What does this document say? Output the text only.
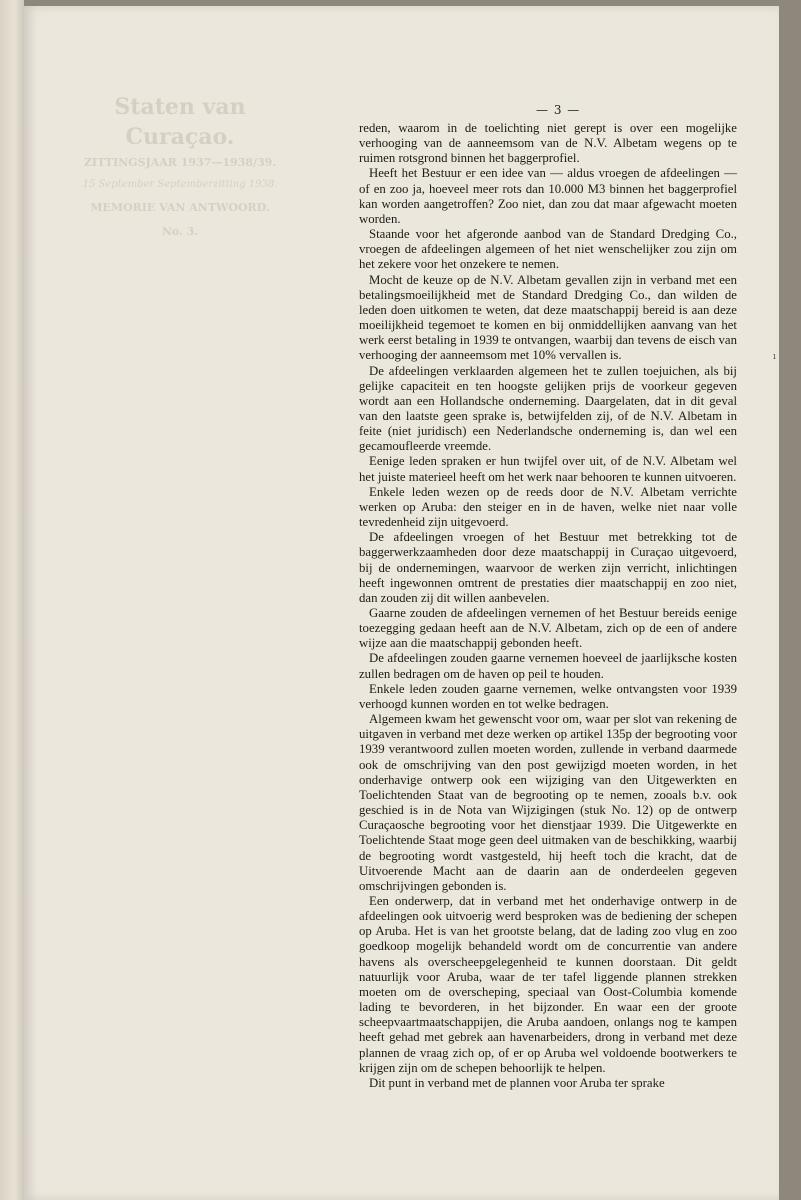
Staten van Curaçao.
ZITTINGSJAAR 1937—1938/39.
15 September Septemberzitting 1938.
MEMORIE VAN ANTWOORD.
No. 3.
— 3 —

reden, waarom in de toelichting niet gerept is over een mogelijke verhooging van de aanneemsom van de N.V. Albetam wegens op te ruimen rotsgrond binnen het baggerprofiel.

Heeft het Bestuur er een idee van — aldus vroegen de afdeelingen — of en zoo ja, hoeveel meer rots dan 10.000 M3 binnen het baggerprofiel kan worden aangetroffen? Zoo niet, dan zou dat maar afgewacht moeten worden.

Staande voor het afgeronde aanbod van de Standard Dredging Co., vroegen de afdeelingen algemeen of het niet wenschelijker zou zijn om het zekere voor het onzekere te nemen.

Mocht de keuze op de N.V. Albetam gevallen zijn in verband met een betalingsmoeilijkheid met de Standard Dredging Co., dan wilden de leden doen uitkomen te weten, dat deze maatschappij bereid is aan deze moeilijkheid tegemoet te komen en bij onmiddellijken aanvang van het werk eerst betaling in 1939 te ontvangen, waarbij dan tevens de eisch van verhooging der aanneemsom met 10% vervallen is.

De afdeelingen verklaarden algemeen het te zullen toejuichen, als bij gelijke capaciteit en ten hoogste gelijken prijs de voorkeur gegeven wordt aan een Hollandsche onderneming. Daargelaten, dat in dit geval van den laatste geen sprake is, betwijfelden zij, of de N.V. Albetam in feite (niet juridisch) een Nederlandsche onderneming is, dan wel een gecamoufleerde vreemde.

Eenige leden spraken er hun twijfel over uit, of de N.V. Albetam wel het juiste materieel heeft om het werk naar behooren te kunnen uitvoeren.

Enkele leden wezen op de reeds door de N.V. Albetam verrichte werken op Aruba: den steiger en in de haven, welke niet naar volle tevredenheid zijn uitgevoerd.

De afdeelingen vroegen of het Bestuur met betrekking tot de baggerwerkzaamheden door deze maatschappij in Curaçao uitgevoerd, bij de ondernemingen, waarvoor de werken zijn verricht, inlichtingen heeft ingewonnen omtrent de prestaties dier maatschappij en zoo niet, dan zouden zij dit willen aanbevelen.

Gaarne zouden de afdeelingen vernemen of het Bestuur bereids eenige toezegging gedaan heeft aan de N.V. Albetam, zich op de een of andere wijze aan die maatschappij gebonden heeft.

De afdeelingen zouden gaarne vernemen hoeveel de jaarlijksche kosten zullen bedragen om de haven op peil te houden.

Enkele leden zouden gaarne vernemen, welke ontvangsten voor 1939 verhoogd kunnen worden en tot welke bedragen.

Algemeen kwam het gewenscht voor om, waar per slot van rekening de uitgaven in verband met deze werken op artikel 135p der begrooting voor 1939 verantwoord zullen moeten worden, zullende in verband daarmede ook de omschrijving van den post gewijzigd moeten worden, in het onderhavige ontwerp ook een wijziging van den Uitgewerkten en Toelichtenden Staat van de begrooting op te nemen, zooals b.v. ook geschied is in de Nota van Wijzigingen (stuk No. 12) op de ontwerp Curaçaosche begrooting voor het dienstjaar 1939. Die Uitgewerkte en Toelichtende Staat moge geen deel uitmaken van de beschikking, waarbij de begrooting wordt vastgesteld, hij heeft toch die kracht, dat de Uitvoerende Macht aan de daarin aan de onderdeelen gegeven omschrijvingen gebonden is.

Een onderwerp, dat in verband met het onderhavige ontwerp in de afdeelingen ook uitvoerig werd besproken was de bediening der schepen op Aruba. Het is van het grootste belang, dat de lading zoo vlug en zoo goedkoop mogelijk behandeld wordt om de concurrentie van andere havens als overscheepgelegenheid te kunnen doorstaan. Dit geldt natuurlijk voor Aruba, waar de ter tafel liggende plannen strekken moeten om de overscheping, speciaal van Oost-Columbia komende lading te bevorderen, in het bijzonder. En waar een der groote scheepvaartmaatschappijen, die Aruba aandoen, onlangs nog te kampen heeft gehad met gebrek aan havenarbeiders, drong in verband met deze plannen de vraag zich op, of er op Aruba wel voldoende bootwerkers te krijgen zijn om de schepen behoorlijk te helpen.

Dit punt in verband met de plannen voor Aruba ter sprake

ı
